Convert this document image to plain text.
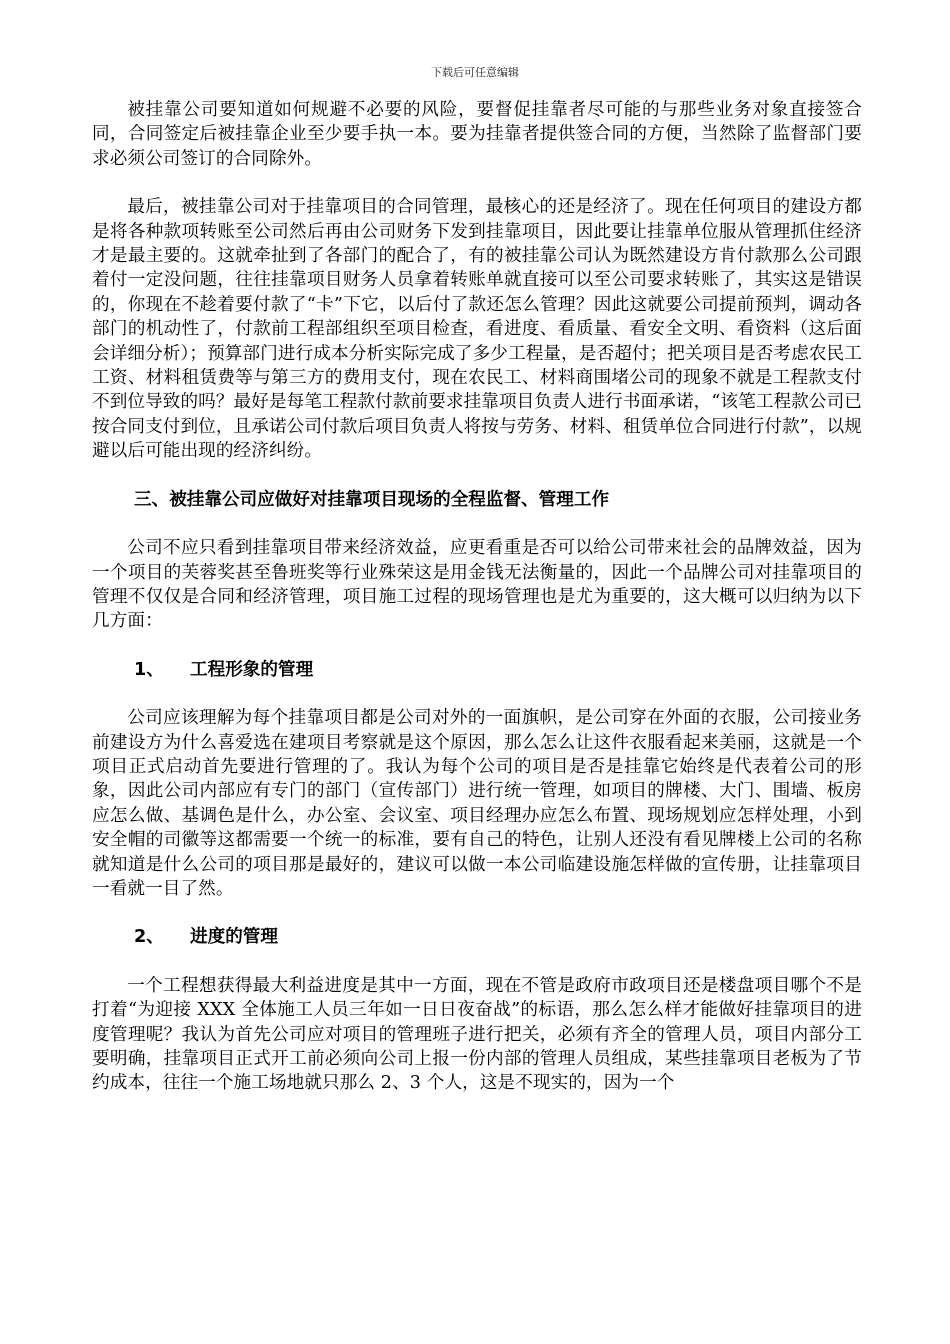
下载后可任意编辑

被挂靠公司要知道如何规避不必要的风险，要督促挂靠者尽可能的与那些业务对象直接签合同，合同签定后被挂靠企业至少要手执一本。要为挂靠者提供签合同的方便，当然除了监督部门要求必须公司签订的合同除外。

最后，被挂靠公司对于挂靠项目的合同管理，最核心的还是经济了。现在任何项目的建设方都是将各种款项转账至公司然后再由公司财务下发到挂靠项目，因此要让挂靠单位服从管理抓住经济才是最主要的。这就牵扯到了各部门的配合了，有的被挂靠公司认为既然建设方肯付款那么公司跟着付一定没问题，往往挂靠项目财务人员拿着转账单就直接可以至公司要求转账了，其实这是错误的，你现在不趁着要付款了“卡”下它，以后付了款还怎么管理？因此这就要公司提前预判，调动各部门的机动性了，付款前工程部组织至项目检查，看进度、看质量、看安全文明、看资料（这后面会详细分析）；预算部门进行成本分析实际完成了多少工程量，是否超付；把关项目是否考虑农民工工资、材料租赁费等与第三方的费用支付，现在农民工、材料商围堵公司的现象不就是工程款支付不到位导致的吗？最好是每笔工程款付款前要求挂靠项目负责人进行书面承诺，“该笔工程款公司已按合同支付到位，且承诺公司付款后项目负责人将按与劳务、材料、租赁单位合同进行付款”，以规避以后可能出现的经济纠纷。

三、被挂靠公司应做好对挂靠项目现场的全程监督、管理工作

公司不应只看到挂靠项目带来经济效益，应更看重是否可以给公司带来社会的品牌效益，因为一个项目的芙蓉奖甚至鲁班奖等行业殊荣这是用金钱无法衡量的，因此一个品牌公司对挂靠项目的管理不仅仅是合同和经济管理，项目施工过程的现场管理也是尤为重要的，这大概可以归纳为以下几方面：

1、 工程形象的管理

公司应该理解为每个挂靠项目都是公司对外的一面旗帜，是公司穿在外面的衣服，公司接业务前建设方为什么喜爱选在建项目考察就是这个原因，那么怎么让这件衣服看起来美丽，这就是一个项目正式启动首先要进行管理的了。我认为每个公司的项目是否是挂靠它始终是代表着公司的形象，因此公司内部应有专门的部门（宣传部门）进行统一管理，如项目的牌楼、大门、围墙、板房应怎么做、基调色是什么，办公室、会议室、项目经理办应怎么布置、现场规划应怎样处理，小到安全帽的司徽等这都需要一个统一的标准，要有自己的特色，让别人还没有看见牌楼上公司的名称就知道是什么公司的项目那是最好的，建议可以做一本公司临建设施怎样做的宣传册，让挂靠项目一看就一目了然。

2、 进度的管理

一个工程想获得最大利益进度是其中一方面，现在不管是政府市政项目还是楼盘项目哪个不是打着“为迎接 XXX 全体施工人员三年如一日日夜奋战”的标语，那么怎么样才能做好挂靠项目的进度管理呢？我认为首先公司应对项目的管理班子进行把关，必须有齐全的管理人员，项目内部分工要明确，挂靠项目正式开工前必须向公司上报一份内部的管理人员组成，某些挂靠项目老板为了节约成本，往往一个施工场地就只那么 2、3 个人，这是不现实的，因为一个
